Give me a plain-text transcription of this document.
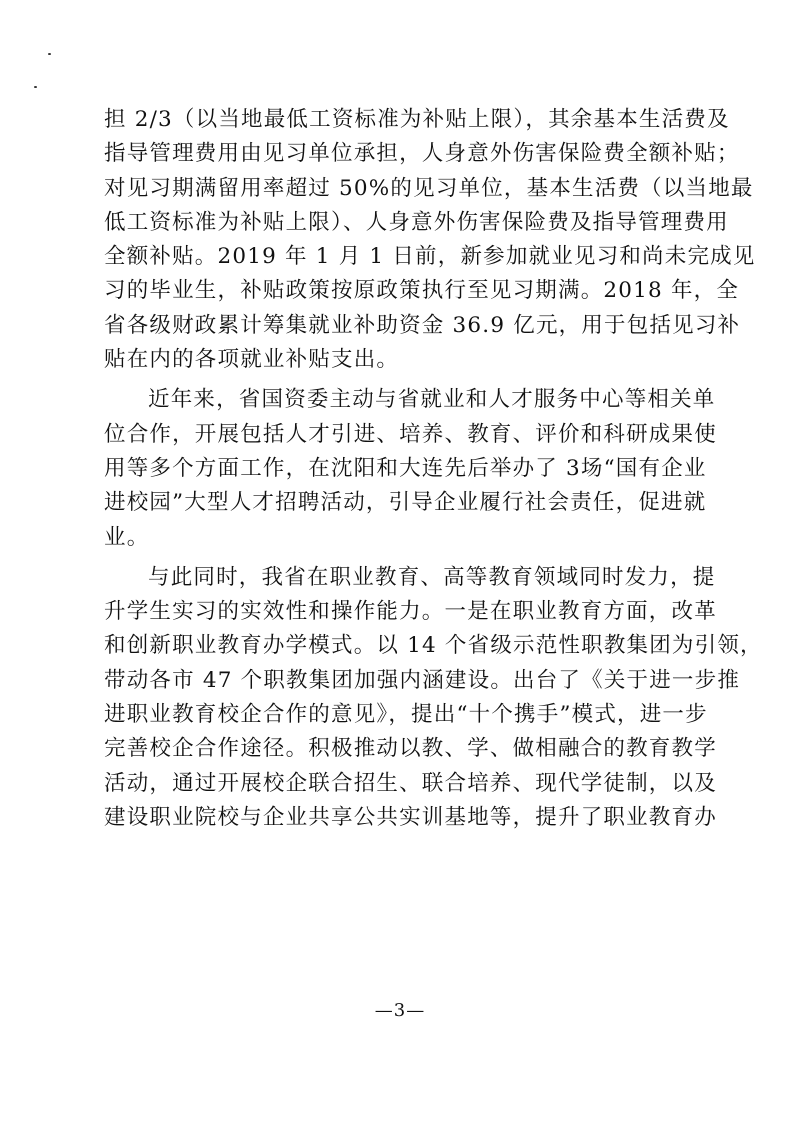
担 2/3（以当地最低工资标准为补贴上限），其余基本生活费及
指导管理费用由见习单位承担，人身意外伤害保险费全额补贴；
对见习期满留用率超过 50%的见习单位，基本生活费（以当地最
低工资标准为补贴上限）、人身意外伤害保险费及指导管理费用
全额补贴。2019 年 1 月 1 日前，新参加就业见习和尚未完成见
习的毕业生，补贴政策按原政策执行至见习期满。2018 年，全
省各级财政累计筹集就业补助资金 36.9 亿元，用于包括见习补
贴在内的各项就业补贴支出。
近年来，省国资委主动与省就业和人才服务中心等相关单
位合作，开展包括人才引进、培养、教育、评价和科研成果使
用等多个方面工作，在沈阳和大连先后举办了 3场“国有企业
进校园”大型人才招聘活动，引导企业履行社会责任，促进就
业。
与此同时，我省在职业教育、高等教育领域同时发力，提
升学生实习的实效性和操作能力。一是在职业教育方面，改革
和创新职业教育办学模式。以 14 个省级示范性职教集团为引领，
带动各市 47 个职教集团加强内涵建设。出台了《关于进一步推
进职业教育校企合作的意见》，提出“十个携手”模式，进一步
完善校企合作途径。积极推动以教、学、做相融合的教育教学
活动，通过开展校企联合招生、联合培养、现代学徒制，以及
建设职业院校与企业共享公共实训基地等，提升了职业教育办
—3—
